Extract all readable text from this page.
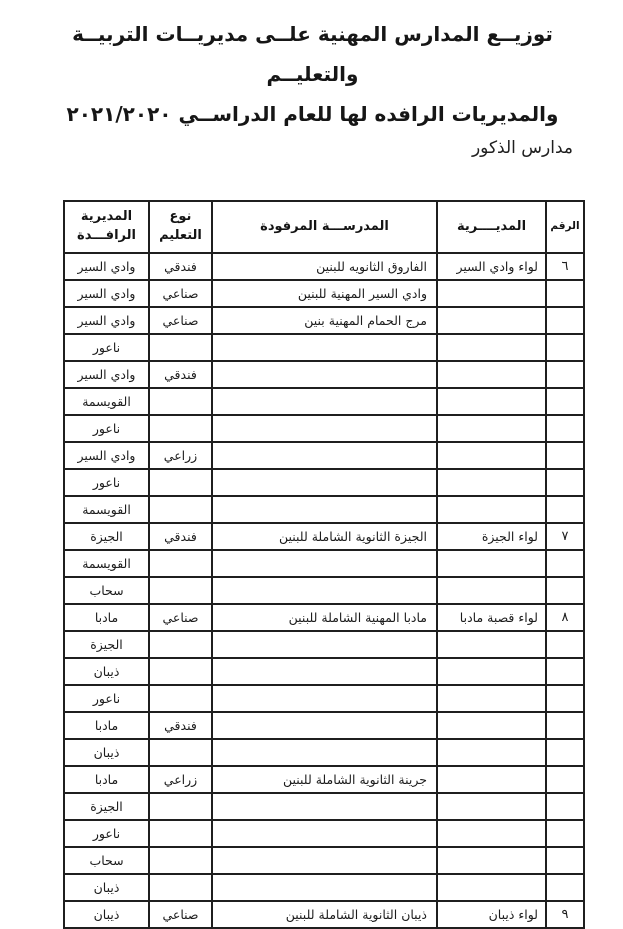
توزيــع المدارس المهنية علــى مديريــات التربيــة والتعليــم
والمديريات الرافده لها للعام الدراســي ٢٠٢١/٢٠٢٠
مدارس الذكور
الرقم	المديــــرية	المدرســـة المرفودة	نوع التعليم	المديرية الرافـــدة
٦	لواء وادي السير	الفاروق الثانويه للبنين	فندقي	وادي السير
		وادي السير المهنية للبنين	صناعي	وادي السير
		مرج الحمام المهنية بنين	صناعي	وادي السير
				ناعور
			فندقي	وادي السير
				القويسمة
				ناعور
			زراعي	وادي السير
				ناعور
				القويسمة
٧	لواء الجيزة	الجيزة الثانوية الشاملة للبنين	فندقي	الجيزة
				القويسمة
				سحاب
٨	لواء قصبة مادبا	مادبا المهنية الشاملة للبنين	صناعي	مادبا
				الجيزة
				ذيبان
				ناعور
			فندقي	مادبا
				ذيبان
		جرينة الثانوية الشاملة للبنين	زراعي	مادبا
				الجيزة
				ناعور
				سحاب
				ذيبان
٩	لواء ذيبان	ذيبان الثانوية الشاملة للبنين	صناعي	ذيبان
